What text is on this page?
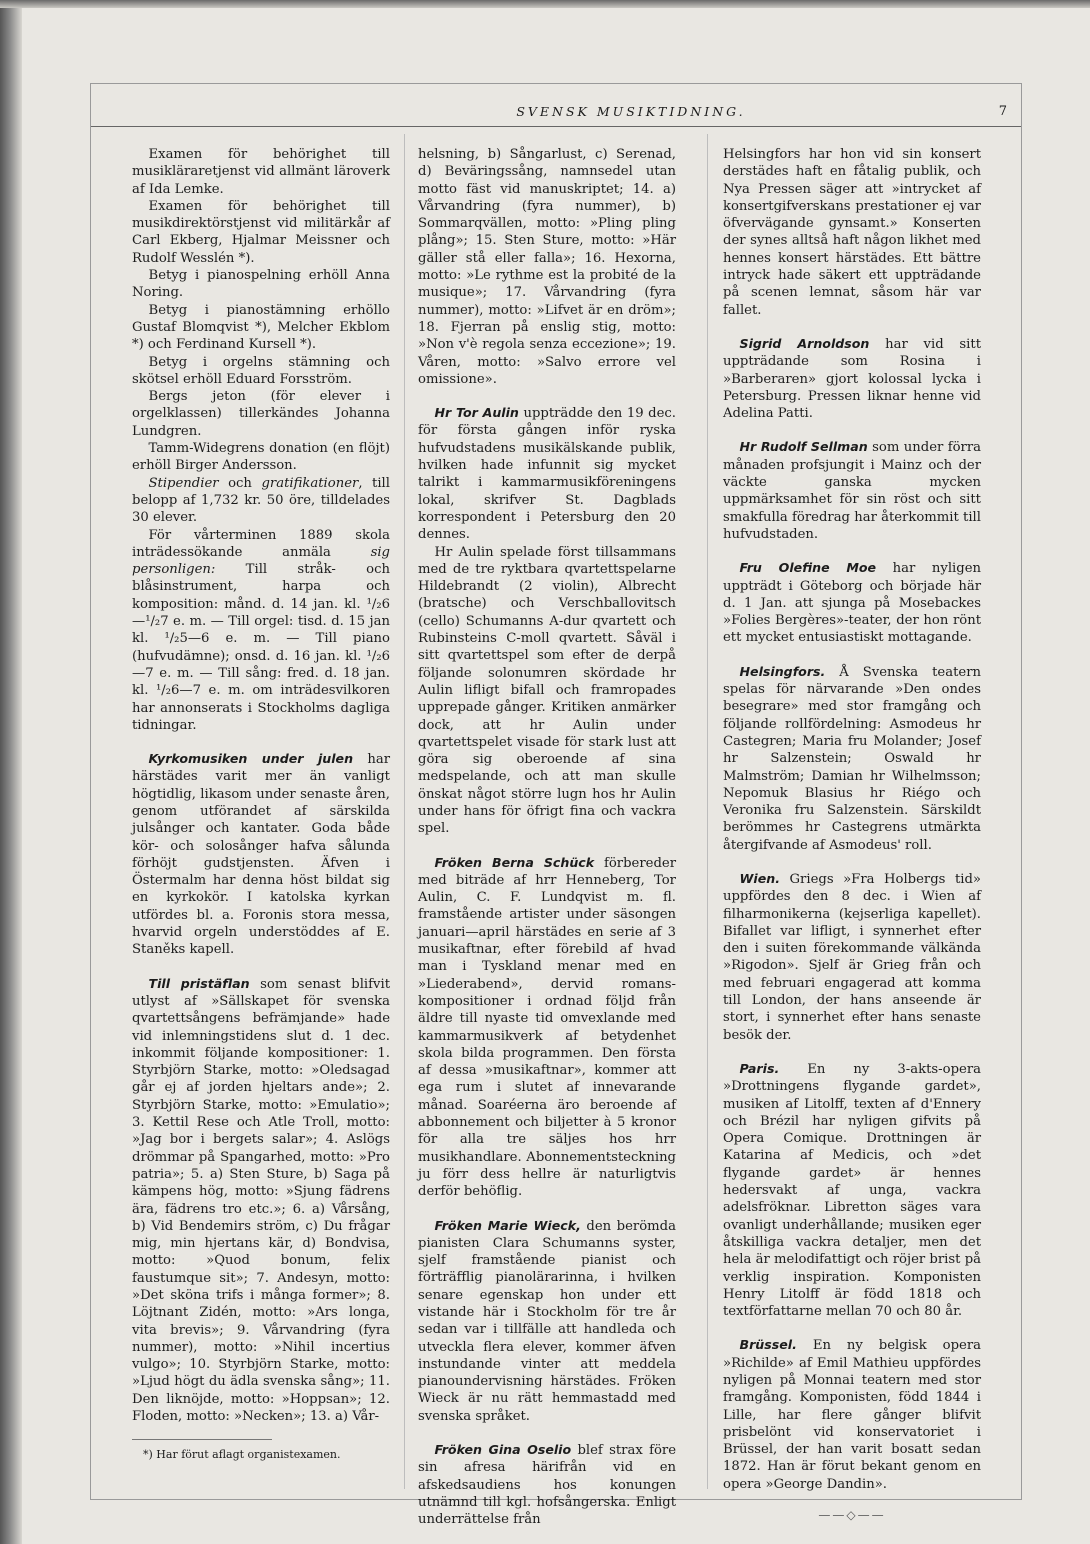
SVENSK MUSIKTIDNING.	7

Examen för behörighet till musikläraretjenst vid allmänt läroverk af Ida Lemke.

Examen för behörighet till musikdirektörstjenst vid militärkår af Carl Ekberg, Hjalmar Meissner och Rudolf Wesslén *).

Betyg i pianospelning erhöll Anna Noring.

Betyg i pianostämning erhöllo Gustaf Blomqvist *), Melcher Ekblom *) och Ferdinand Kursell *).

Betyg i orgelns stämning och skötsel erhöll Eduard Forsström.

Bergs jeton (för elever i orgelklassen) tillerkändes Johanna Lundgren.

Tamm-Widegrens donation (en flöjt) erhöll Birger Andersson.

Stipendier och gratifikationer, till belopp af 1,732 kr. 50 öre, tilldelades 30 elever.

För vårterminen 1889 skola inträdessökande anmäla sig personligen: Till stråk- och blåsinstrument, harpa och komposition: månd. d. 14 jan. kl. ¹/₂6 —¹/₂7 e. m. — Till orgel: tisd. d. 15 jan kl. ¹/₂5—6 e. m. — Till piano (hufvudämne); onsd. d. 16 jan. kl. ¹/₂6 —7 e. m. — Till sång: fred. d. 18 jan. kl. ¹/₂6—7 e. m. om inträdesvilkoren har annonserats i Stockholms dagliga tidningar.

Kyrkomusiken under julen har härstädes varit mer än vanligt högtidlig, likasom under senaste åren, genom utförandet af särskilda julsånger och kantater. Goda både kör- och solosånger hafva sålunda förhöjt gudstjensten. Äfven i Östermalm har denna höst bildat sig en kyrkokör. I katolska kyrkan utfördes bl. a. Foronis stora messa, hvarvid orgeln understöddes af E. Staněks kapell.

Till pristäflan som senast blifvit utlyst af »Sällskapet för svenska qvartettsångens befrämjande» hade vid inlemningstidens slut d. 1 dec. inkommit följande kompositioner: 1. Styrbjörn Starke, motto: »Oledsagad går ej af jorden hjeltars ande»; 2. Styrbjörn Starke, motto: »Emulatio»; 3. Kettil Rese och Atle Troll, motto: »Jag bor i bergets salar»; 4. Aslögs drömmar på Spangarhed, motto: »Pro patria»; 5. a) Sten Sture, b) Saga på kämpens hög, motto: »Sjung fädrens ära, fädrens tro etc.»; 6. a) Vårsång, b) Vid Bendemirs ström, c) Du frågar mig, min hjertans kär, d) Bondvisa, motto: »Quod bonum, felix faustumque sit»; 7. Andesyn, motto: »Det sköna trifs i många former»; 8. Löjtnant Zidén, motto: »Ars longa, vita brevis»; 9. Vårvandring (fyra nummer), motto: »Nihil incertius vulgo»; 10. Styrbjörn Starke, motto: »Ljud högt du ädla svenska sång»; 11. Den liknöjde, motto: »Hoppsan»; 12. Floden, motto: »Necken»; 13. a) Vår-

*) Har förut aflagt organistexamen.

helsning, b) Sångarlust, c) Serenad, d) Beväringssång, namnsedel utan motto fäst vid manuskriptet; 14. a) Vårvandring (fyra nummer), b) Sommarqvällen, motto: »Pling pling plång»; 15. Sten Sture, motto: »Här gäller stå eller falla»; 16. Hexorna, motto: »Le rythme est la probité de la musique»; 17. Vårvandring (fyra nummer), motto: »Lifvet är en dröm»; 18. Fjerran på enslig stig, motto: »Non v'è regola senza eccezione»; 19. Våren, motto: »Salvo errore vel omissione».

Hr Tor Aulin uppträdde den 19 dec. för första gången inför ryska hufvudstadens musikälskande publik, hvilken hade infunnit sig mycket talrikt i kammarmusikföreningens lokal, skrifver St. Dagblads korrespondent i Petersburg den 20 dennes.

Hr Aulin spelade först tillsammans med de tre ryktbara qvartettspelarne Hildebrandt (2 violin), Albrecht (bratsche) och Verschballovitsch (cello) Schumanns A-dur qvartett och Rubinsteins C-moll qvartett. Såväl i sitt qvartettspel som efter de derpå följande solonumren skördade hr Aulin lifligt bifall och framropades upprepade gånger. Kritiken anmärker dock, att hr Aulin under qvartettspelet visade för stark lust att göra sig oberoende af sina medspelande, och att man skulle önskat något större lugn hos hr Aulin under hans för öfrigt fina och vackra spel.

Fröken Berna Schück förbereder med biträde af hrr Henneberg, Tor Aulin, C. F. Lundqvist m. fl. framstående artister under säsongen januari—april härstädes en serie af 3 musikaftnar, efter förebild af hvad man i Tyskland menar med en »Liederabend», dervid romans-kompositioner i ordnad följd från äldre till nyaste tid omvexlande med kammarmusikverk af betydenhet skola bilda programmen. Den första af dessa »musikaftnar», kommer att ega rum i slutet af innevarande månad. Soaréerna äro beroende af abbonnement och biljetter à 5 kronor för alla tre säljes hos hrr musikhandlare. Abonnementsteckning ju förr dess hellre är naturligtvis derför behöflig.

Fröken Marie Wieck, den berömda pianisten Clara Schumanns syster, sjelf framstående pianist och förträfflig pianolärarinna, i hvilken senare egenskap hon under ett vistande här i Stockholm för tre år sedan var i tillfälle att handleda och utveckla flera elever, kommer äfven instundande vinter att meddela pianoundervisning härstädes. Fröken Wieck är nu rätt hemmastadd med svenska språket.

Fröken Gina Oselio blef strax före sin afresa härifrån vid en afskedsaudiens hos konungen utnämnd till kgl. hofsångerska. Enligt underrättelse från

Helsingfors har hon vid sin konsert derstädes haft en fåtalig publik, och Nya Pressen säger att »intrycket af konsertgifverskans prestationer ej var öfvervägande gynsamt.» Konserten der synes alltså haft någon likhet med hennes konsert härstädes. Ett bättre intryck hade säkert ett uppträdande på scenen lemnat, såsom här var fallet.

Sigrid Arnoldson har vid sitt uppträdande som Rosina i »Barberaren» gjort kolossal lycka i Petersburg. Pressen liknar henne vid Adelina Patti.

Hr Rudolf Sellman som under förra månaden profsjungit i Mainz och der väckte ganska mycken uppmärksamhet för sin röst och sitt smakfulla föredrag har återkommit till hufvudstaden.

Fru Olefine Moe har nyligen uppträdt i Göteborg och började här d. 1 Jan. att sjunga på Mosebackes »Folies Bergères»-teater, der hon rönt ett mycket entusiastiskt mottagande.

Helsingfors. Å Svenska teatern spelas för närvarande »Den ondes besegrare» med stor framgång och följande rollfördelning: Asmodeus hr Castegren; Maria fru Molander; Josef hr Salzenstein; Oswald hr Malmström; Damian hr Wilhelmsson; Nepomuk Blasius hr Riégo och Veronika fru Salzenstein. Särskildt berömmes hr Castegrens utmärkta återgifvande af Asmodeus' roll.

Wien. Griegs »Fra Holbergs tid» uppfördes den 8 dec. i Wien af filharmonikerna (kejserliga kapellet). Bifallet var lifligt, i synnerhet efter den i suiten förekommande välkända »Rigodon». Sjelf är Grieg från och med februari engagerad att komma till London, der hans anseende är stort, i synnerhet efter hans senaste besök der.

Paris. En ny 3-akts-opera »Drottningens flygande gardet», musiken af Litolff, texten af d'Ennery och Brézil har nyligen gifvits på Opera Comique. Drottningen är Katarina af Medicis, och »det flygande gardet» är hennes hedersvakt af unga, vackra adelsfröknar. Libretton säges vara ovanligt underhållande; musiken eger åtskilliga vackra detaljer, men det hela är melodifattigt och röjer brist på verklig inspiration. Komponisten Henry Litolff är född 1818 och textförfattarne mellan 70 och 80 år.

Brüssel. En ny belgisk opera »Richilde» af Emil Mathieu uppfördes nyligen på Monnai teatern med stor framgång. Komponisten, född 1844 i Lille, har flere gånger blifvit prisbelönt vid konservatoriet i Brüssel, der han varit bosatt sedan 1872. Han är förut bekant genom en opera »George Dandin».

——◇——
